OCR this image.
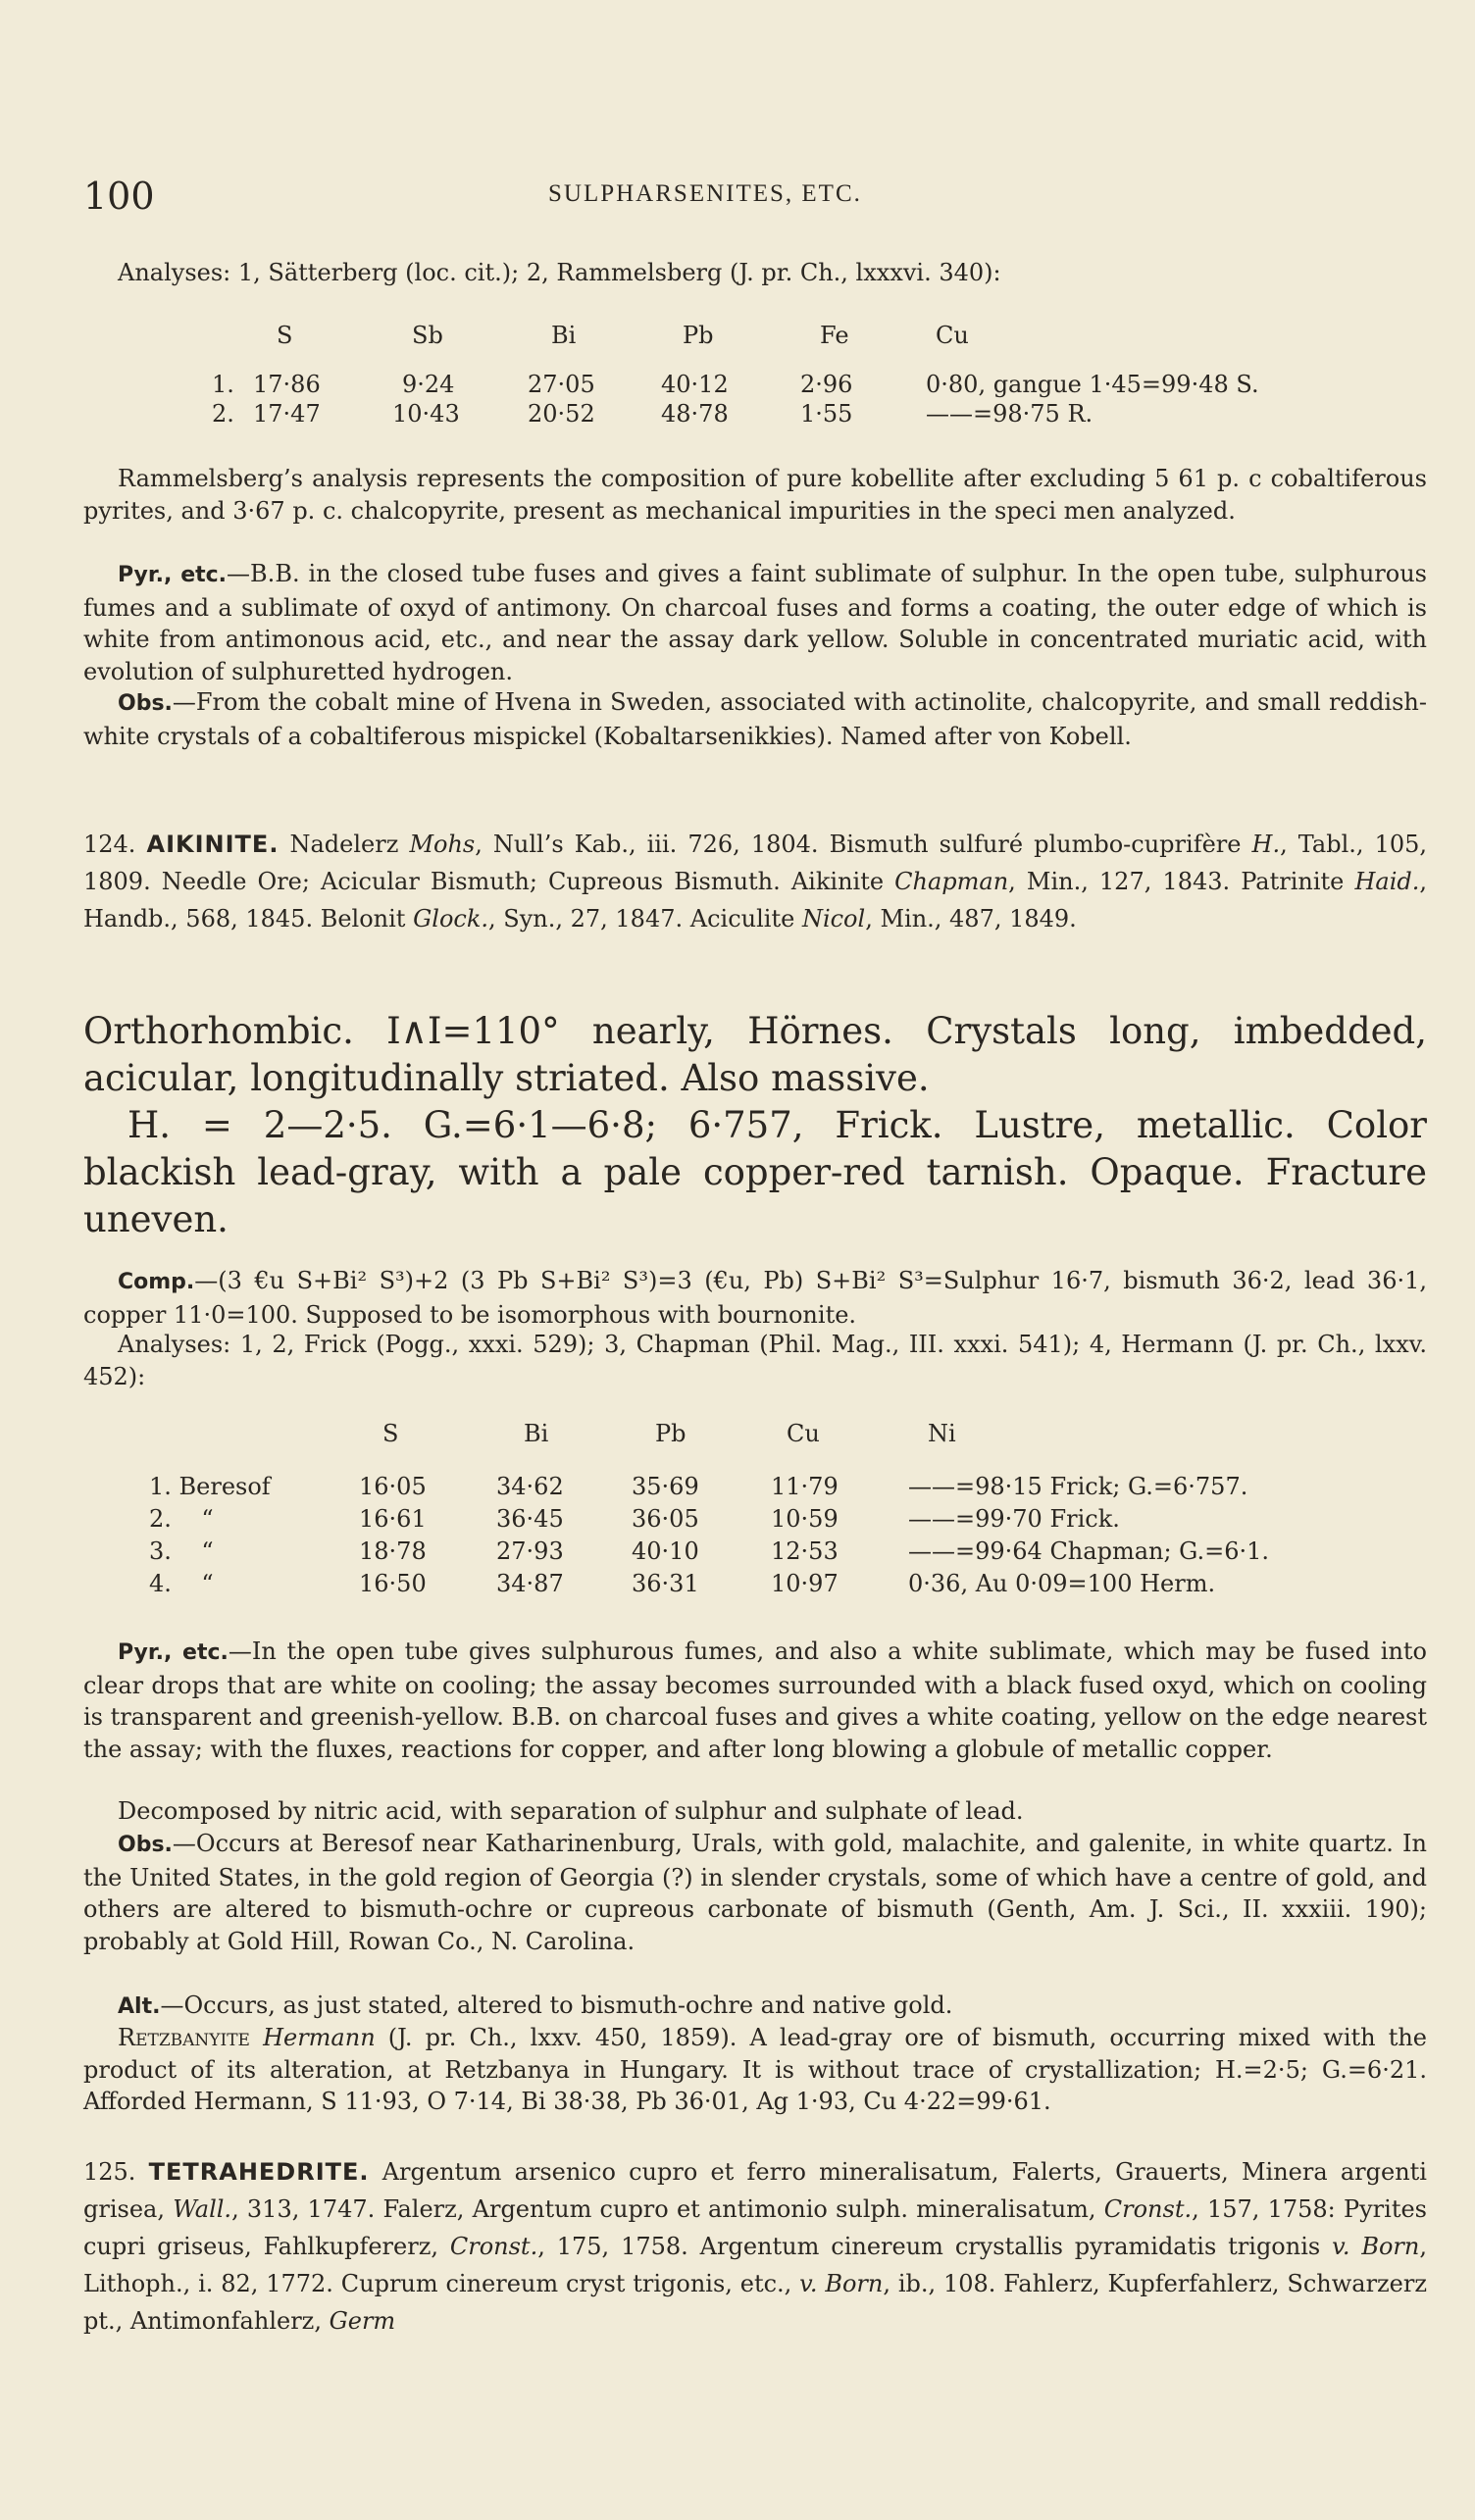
100	SULPHARSENITES, ETC.
Analyses: 1, Sätterberg (loc. cit.); 2, Rammelsberg (J. pr. Ch., lxxxvi. 340):
S	Sb	Bi	Pb	Fe	Cu
1. 17·86	9·24	27·05	40·12	2·96	0·80, gangue 1·45=99·48 S.
2. 17·47	10·43	20·52	48·78	1·55	——=98·75 R.
Rammelsberg’s analysis represents the composition of pure kobellite after excluding 5 61 p. c cobaltiferous pyrites, and 3·67 p. c. chalcopyrite, present as mechanical impurities in the speci men analyzed.
Pyr., etc.—B.B. in the closed tube fuses and gives a faint sublimate of sulphur. In the open tube, sulphurous fumes and a sublimate of oxyd of antimony. On charcoal fuses and forms a coating, the outer edge of which is white from antimonous acid, etc., and near the assay dark yellow. Soluble in concentrated muriatic acid, with evolution of sulphuretted hydrogen.
Obs.—From the cobalt mine of Hvena in Sweden, associated with actinolite, chalcopyrite, and small reddish-white crystals of a cobaltiferous mispickel (Kobaltarsenikkies). Named after von Kobell.
124. AIKINITE. Nadelerz Mohs, Null’s Kab., iii. 726, 1804. Bismuth sulfuré plumbo-cuprifère H., Tabl., 105, 1809. Needle Ore; Acicular Bismuth; Cupreous Bismuth. Aikinite Chapman, Min., 127, 1843. Patrinite Haid., Handb., 568, 1845. Belonit Glock., Syn., 27, 1847. Aciculite Nicol, Min., 487, 1849.
Orthorhombic. I∧I=110° nearly, Hörnes. Crystals long, imbedded, acicular, longitudinally striated. Also massive.
H. = 2—2·5. G.=6·1—6·8; 6·757, Frick. Lustre, metallic. Color blackish lead-gray, with a pale copper-red tarnish. Opaque. Fracture uneven.
Comp.—(3 €u S+Bi² S³)+2 (3 Pb S+Bi² S³)=3 (€u, Pb) S+Bi² S³=Sulphur 16·7, bismuth 36·2, lead 36·1, copper 11·0=100. Supposed to be isomorphous with bournonite.
Analyses: 1, 2, Frick (Pogg., xxxi. 529); 3, Chapman (Phil. Mag., III. xxxi. 541); 4, Hermann (J. pr. Ch., lxxv. 452):
S	Bi	Pb	Cu	Ni
1. Beresof	16·05	34·62	35·69	11·79	——=98·15 Frick; G.=6·757.
2.    “	16·61	36·45	36·05	10·59	——=99·70 Frick.
3.    “	18·78	27·93	40·10	12·53	——=99·64 Chapman; G.=6·1.
4.    “	16·50	34·87	36·31	10·97	0·36, Au 0·09=100 Herm.
Pyr., etc.—In the open tube gives sulphurous fumes, and also a white sublimate, which may be fused into clear drops that are white on cooling; the assay becomes surrounded with a black fused oxyd, which on cooling is transparent and greenish-yellow. B.B. on charcoal fuses and gives a white coating, yellow on the edge nearest the assay; with the fluxes, reactions for copper, and after long blowing a globule of metallic copper.
Decomposed by nitric acid, with separation of sulphur and sulphate of lead.
Obs.—Occurs at Beresof near Katharinenburg, Urals, with gold, malachite, and galenite, in white quartz. In the United States, in the gold region of Georgia (?) in slender crystals, some of which have a centre of gold, and others are altered to bismuth-ochre or cupreous carbonate of bismuth (Genth, Am. J. Sci., II. xxxiii. 190); probably at Gold Hill, Rowan Co., N. Carolina.
Alt.—Occurs, as just stated, altered to bismuth-ochre and native gold.
Retzbanyite Hermann (J. pr. Ch., lxxv. 450, 1859). A lead-gray ore of bismuth, occurring mixed with the product of its alteration, at Retzbanya in Hungary. It is without trace of crystallization; H.=2·5; G.=6·21. Afforded Hermann, S 11·93, O 7·14, Bi 38·38, Pb 36·01, Ag 1·93, Cu 4·22=99·61.
125. TETRAHEDRITE. Argentum arsenico cupro et ferro mineralisatum, Falerts, Grauerts, Minera argenti grisea, Wall., 313, 1747. Falerz, Argentum cupro et antimonio sulph. mineralisatum, Cronst., 157, 1758: Pyrites cupri griseus, Fahlkupfererz, Cronst., 175, 1758. Argentum cinereum crystallis pyramidatis trigonis v. Born, Lithoph., i. 82, 1772. Cuprum cinereum cryst trigonis, etc., v. Born, ib., 108. Fahlerz, Kupferfahlerz, Schwarzerz pt., Antimonfahlerz, Germ
